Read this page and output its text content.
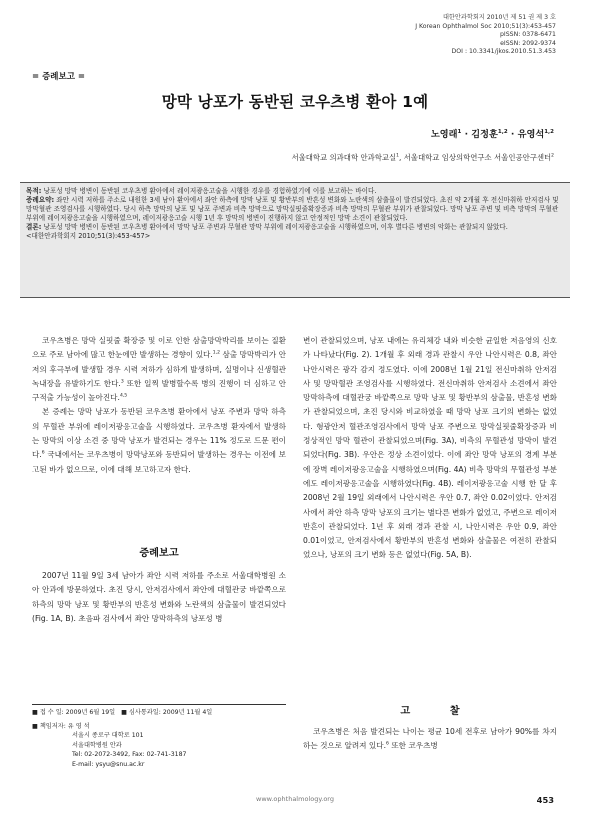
대한안과학회지 2010년 제 51 권 제 3 호
J Korean Ophthalmol Soc 2010;51(3):453-457
pISSN: 0378-6471
eISSN: 2092-9374
DOI : 10.3341/jkos.2010.51.3.453
= 증례보고 =
망막 낭포가 동반된 코우츠병 환아 1예
노영래$^1$ · 김정훈$^{1,2}$ · 유영석$^{1,2}$
서울대학교 의과대학 안과학교실$^1$, 서울대학교 임상의학연구소 서울인공안구센터$^2$

목적: 낭포성 망막 병변이 동반된 코우츠병 환아에서 레이저광응고술을 시행한 경우를 경험하였기에 이를 보고하는 바이다.

증례요약: 좌안 시력 저하를 주소로 내원한 3세 남아 환아에서 좌안 하측에 망막 낭포 및 황반부의 반흔성 변화와 노란색의 삼출물이 발견되었다. 초진 약 2개월 후 전신마취하 안저검사 및 망막혈관 조영검사를 시행하였다. 당시 하측 망막의 낭포 및 낭포 주변과 비측 망막으로 망막실핏줄확장증과 비측 망막의 무혈관 부위가 관찰되었다. 망막 낭포 주변 및 비측 망막의 무혈관 부위에 레이저광응고술을 시행하였으며, 레이저광응고술 시행 1년 후 망막의 병변이 진행하지 않고 안정적인 망막 소견이 관찰되었다.

결론: 낭포성 망막 병변이 동반된 코우츠병 환아에서 망막 낭포 주변과 무혈관 망막 부위에 레이저광응고술을 시행하였으며, 이후 별다른 병변의 악화는 관찰되지 않았다.

<대한안과학회지 2010;51(3):453-457>

코우츠병은 망막 실핏줄 확장증 및 이로 인한 삼출망막박리를 보이는 질환으로 주로 남아에 많고 한눈에만 발생하는 경향이 있다.$^{1,2}$ 삼출 망막박리가 안저의 후극부에 발생할 경우 시력 저하가 심하게 발생하며, 실명이나 신생혈관 녹내장을 유발하기도 한다.$^3$ 또한 일찍 발병할수록 병의 진행이 더 심하고 안구적출 가능성이 높아진다.$^{4,5}$

본 증례는 망막 낭포가 동반된 코우츠병 환아에서 낭포 주변과 망막 하측의 무혈관 부위에 레이저광응고술을 시행하였다. 코우츠병 환자에서 발생하는 망막의 이상 소견 중 망막 낭포가 발견되는 경우는 11% 정도로 드문 편이다.$^6$ 국내에서는 코우츠병이 망막낭포와 동반되어 발생하는 경우는 이전에 보고된 바가 없으므로, 이에 대해 보고하고자 한다.

증례보고

2007년 11월 9일 3세 남아가 좌안 시력 저하를 주소로 서울대학병원 소아 안과에 방문하였다. 초진 당시, 안저검사에서 좌안에 대혈관궁 바깥쪽으로 하측의 망막 낭포 및 황반부의 반흔성 변화와 노란색의 삼출물이 발견되었다(Fig. 1A, B). 초음파 검사에서 좌안 망막하측의 낭포성 병

■ 접 수 일: 2009년 6월 19일 ■ 심사통과일: 2009년 11월 4일
■ 책임저자: 유 영 석
서울시 종로구 대학로 101
서울대학병원 안과
Tel: 02-2072-3492, Fax: 02-741-3187
E-mail: ysyu@snu.ac.kr

변이 관찰되었으며, 낭포 내에는 유리체강 내와 비슷한 균일한 저음영의 신호가 나타났다(Fig. 2). 1개월 후 외래 경과 관찰시 우안 나안시력은 0.8, 좌안 나안시력은 광각 감지 정도였다. 이에 2008년 1월 21일 전신마취하 안저검사 및 망막혈관 조영검사를 시행하였다. 전신마취하 안저검사 소견에서 좌안 망막하측에 대혈관궁 바깥쪽으로 망막 낭포 및 황반부의 삼출물, 반흔성 변화가 관찰되었으며, 초진 당시와 비교하였을 때 망막 낭포 크기의 변화는 없었다. 형광안저 혈관조영검사에서 망막 낭포 주변으로 망막실핏줄확장증과 비정상적인 망막 혈관이 관찰되었으며(Fig. 3A), 비측의 무혈관성 망막이 발견되었다(Fig. 3B). 우안은 정상 소견이었다. 이에 좌안 망막 낭포의 경계 부분에 장벽 레이저광응고술을 시행하였으며(Fig. 4A) 비측 망막의 무혈관성 부분에도 레이저광응고술을 시행하였다(Fig. 4B). 레이저광응고술 시행 한 달 후 2008년 2월 19일 외래에서 나안시력은 우안 0.7, 좌안 0.02이었다. 안저검사에서 좌안 하측 망막 낭포의 크기는 별다른 변화가 없었고, 주변으로 레이저 반흔이 관찰되었다. 1년 후 외래 경과 관찰 시, 나안시력은 우안 0.9, 좌안 0.01이었고, 안저검사에서 황반부의 반흔성 변화와 삼출물은 여전히 관찰되었으나, 낭포의 크기 변화 등은 없었다(Fig. 5A, B).

고 찰

코우츠병은 처음 발견되는 나이는 평균 10세 전후로 남아가 90%를 차지하는 것으로 알려져 있다.$^6$ 또한 코우츠병

www.ophthalmology.org	453
